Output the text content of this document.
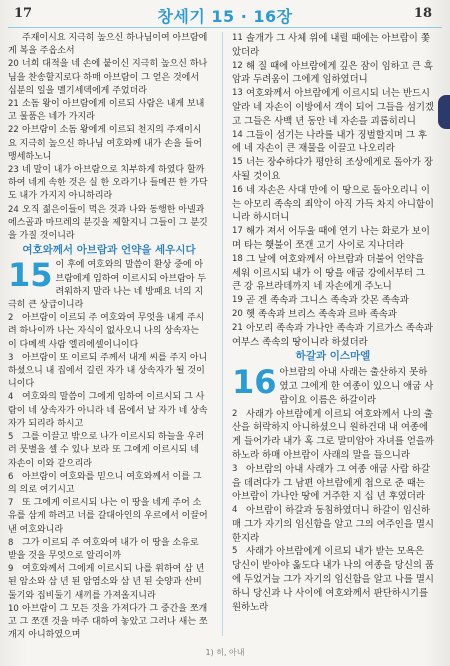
17	창세기 15 · 16장	18

주재이시요 지극히 높으신 하나님이여 아브람에게 복을 주옵소서

20 너희 대적을 네 손에 붙이신 지극히 높으신 하나님을 찬송할지로다 하매 아브람이 그 얻은 것에서 십분의 일을 멜기세덱에게 주었더라

21 소돔 왕이 아브람에게 이르되 사람은 내게 보내고 물품은 네가 가지라

22 아브람이 소돔 왕에게 이르되 천지의 주재이시요 지극히 높으신 하나님 여호와께 내가 손을 들어 맹세하노니

23 네 말이 내가 아브람으로 치부하게 하였다 할까 하여 네게 속한 것은 실 한 오라기나 들메끈 한 가닥도 내가 가지지 아니하리라

24 오직 젊은이들이 먹은 것과 나와 동행한 아넬과 에스골과 마므레의 분깃을 제할지니 그들이 그 분깃을 가질 것이니라

여호와께서 아브람과 언약을 세우시다
15 이 후에 여호와의 말씀이 환상 중에 아브람에게 임하여 이르시되 아브람아 두려워하지 말라 나는 네 방패요 너의 지극히 큰 상급이니라

2 아브람이 이르되 주 여호와여 무엇을 내게 주시려 하나이까 나는 자식이 없사오니 나의 상속자는 이 다메섹 사람 엘리에셀이니이다

3 아브람이 또 이르되 주께서 내게 씨를 주지 아니하셨으니 내 집에서 길린 자가 내 상속자가 될 것이니이다

4 여호와의 말씀이 그에게 임하여 이르시되 그 사람이 네 상속자가 아니라 네 몸에서 날 자가 네 상속자가 되리라 하시고

5 그를 이끌고 밖으로 나가 이르시되 하늘을 우러러 뭇별을 셀 수 있나 보라 또 그에게 이르시되 네 자손이 이와 같으리라

6 아브람이 여호와를 믿으니 여호와께서 이를 그의 의로 여기시고

7 또 그에게 이르시되 나는 이 땅을 네게 주어 소유를 삼게 하려고 너를 갈대아인의 우르에서 이끌어 낸 여호와니라

8 그가 이르되 주 여호와여 내가 이 땅을 소유로 받을 것을 무엇으로 알리이까

9 여호와께서 그에게 이르시되 나를 위하여 삼 년 된 암소와 삼 년 된 암염소와 삼 년 된 숫양과 산비둘기와 집비둘기 새끼를 가져올지니라

10 아브람이 그 모든 것을 가져다가 그 중간을 쪼개고 그 쪼갠 것을 마주 대하여 놓았고 그러나 새는 쪼개지 아니하였으며

11 솔개가 그 사체 위에 내릴 때에는 아브람이 쫓았더라

12 해 질 때에 아브람에게 깊은 잠이 임하고 큰 흑암과 두려움이 그에게 임하였더니

13 여호와께서 아브람에게 이르시되 너는 반드시 알라 네 자손이 이방에서 객이 되어 그들을 섬기겠고 그들은 사백 년 동안 네 자손을 괴롭히리니

14 그들이 섬기는 나라를 내가 징벌할지며 그 후에 네 자손이 큰 재물을 이끌고 나오리라

15 너는 장수하다가 평안히 조상에게로 돌아가 장사될 것이요

16 네 자손은 사대 만에 이 땅으로 돌아오리니 이는 아모리 족속의 죄악이 아직 가득 차지 아니함이니라 하시더니

17 해가 져서 어두울 때에 연기 나는 화로가 보이며 타는 횃불이 쪼갠 고기 사이로 지나더라

18 그 날에 여호와께서 아브람과 더불어 언약을 세워 이르시되 내가 이 땅을 애굽 강에서부터 그 큰 강 유브라데까지 네 자손에게 주노니

19 곧 겐 족속과 그니스 족속과 갓몬 족속과

20 헷 족속과 브리스 족속과 르바 족속과

21 아모리 족속과 가나안 족속과 기르가스 족속과 여부스 족속의 땅이니라 하셨더라

하갈과 이스마엘
16 아브람의 아내 사래는 출산하지 못하였고 그에게 한 여종이 있으니 애굽 사람이요 이름은 하갈이라

2 사래가 아브람에게 이르되 여호와께서 나의 출산을 허락하지 아니하셨으니 원하건대 내 여종에게 들어가라 내가 혹 그로 말미암아 자녀를 얻을까 하노라 하매 아브람이 사래의 말을 들으니라

3 아브람의 아내 사래가 그 여종 애굽 사람 하갈을 데려다가 그 남편 아브람에게 첩으로 준 때는 아브람이 가나안 땅에 거주한 지 십 년 후였더라

4 아브람이 하갈과 동침하였더니 하갈이 임신하매 그가 자기의 임신함을 알고 그의 여주인을 멸시한지라

5 사래가 아브람에게 이르되 내가 받는 모욕은 당신이 받아야 옳도다 내가 나의 여종을 당신의 품에 두었거늘 그가 자기의 임신함을 알고 나를 멸시하니 당신과 나 사이에 여호와께서 판단하시기를 원하노라

1) 히, 아내
